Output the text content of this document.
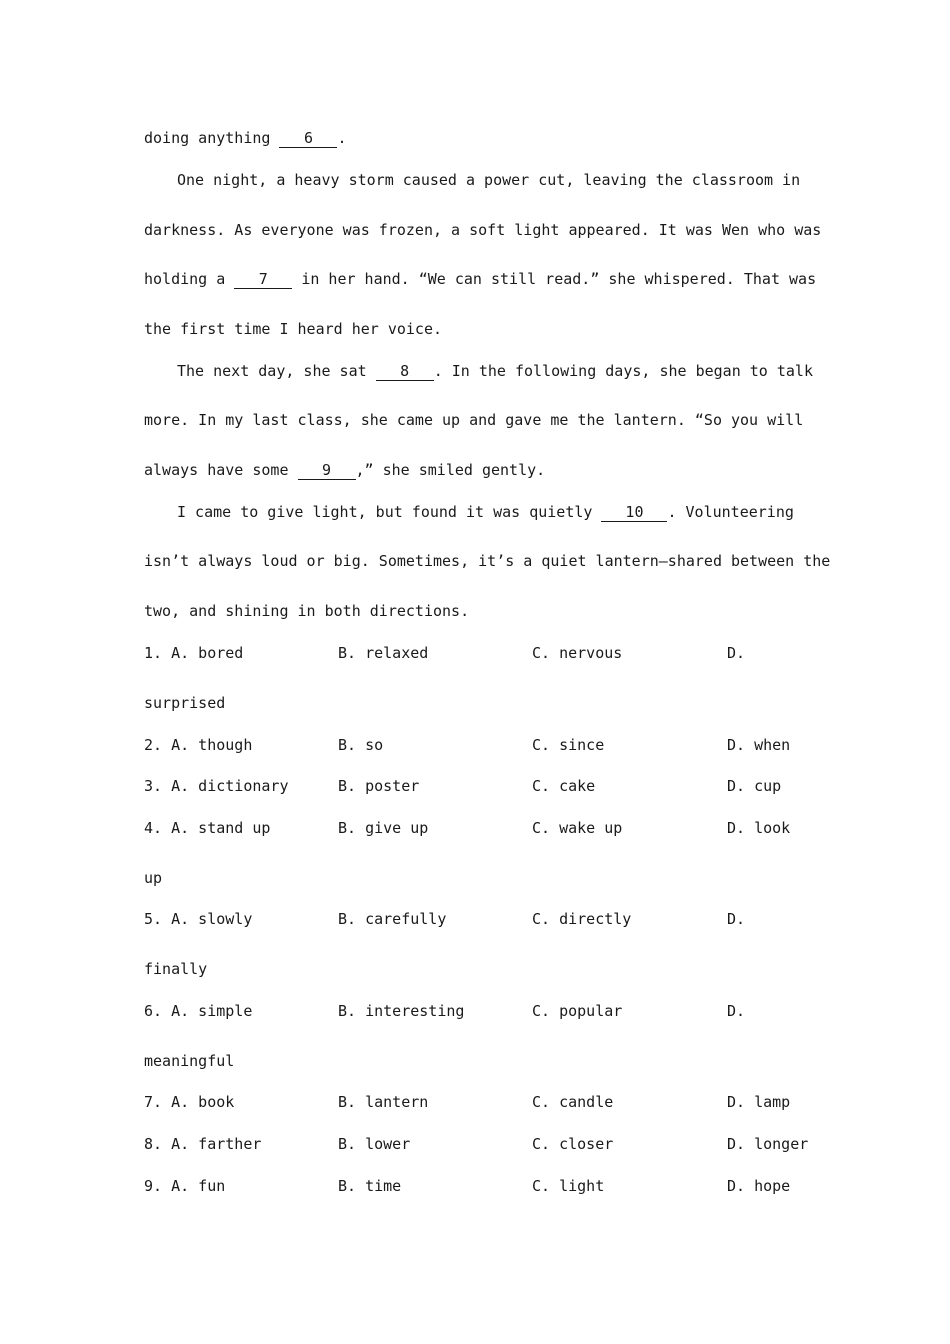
doing anything 6 .
One night, a heavy storm caused a power cut, leaving the classroom in
darkness. As everyone was frozen, a soft light appeared. It was Wen who was
holding a 7 in her hand. “We can still read.” she whispered. That was
the first time I heard her voice.
The next day, she sat 8 . In the following days, she began to talk
more. In my last class, she came up and gave me the lantern. “So you will
always have some 9 ,” she smiled gently.
I came to give light, but found it was quietly 10 . Volunteering
isn’t always loud or big. Sometimes, it’s a quiet lantern—shared between the
two, and shining in both directions.
1. A. bored	B. relaxed	C. nervous	D.
surprised
2. A. though	B. so	C. since	D. when
3. A. dictionary	B. poster	C. cake	D. cup
4. A. stand up	B. give up	C. wake up	D. look
up
5. A. slowly	B. carefully	C. directly	D.
finally
6. A. simple	B. interesting	C. popular	D.
meaningful
7. A. book	B. lantern	C. candle	D. lamp
8. A. farther	B. lower	C. closer	D. longer
9. A. fun	B. time	C. light	D. hope
